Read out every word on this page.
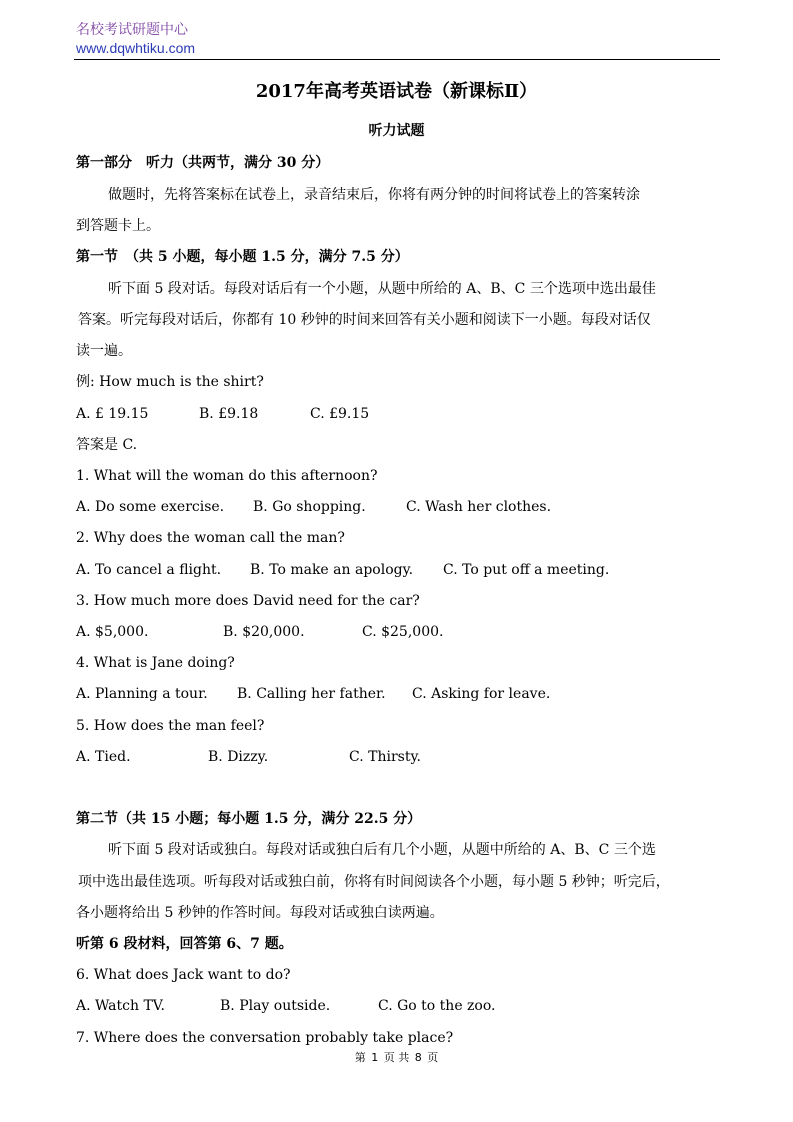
名校考试研题中心
www.dqwhtiku.com
2017年高考英语试卷（新课标Ⅱ）
听力试题
第一部分　听力（共两节，满分 30 分）
做题时，先将答案标在试卷上，录音结束后，你将有两分钟的时间将试卷上的答案转涂
到答题卡上。
第一节　（共 5 小题，每小题 1.5 分，满分 7.5 分）
听下面 5 段对话。每段对话后有一个小题，从题中所给的 A、B、C 三个选项中选出最佳
答案。听完每段对话后，你都有 10 秒钟的时间来回答有关小题和阅读下一小题。每段对话仅
读一遍。
例: How much is the shirt?
A. £ 19.15	B. £9.18	C. £9.15
答案是 C.
1. What will the woman do this afternoon?
A. Do some exercise. B. Go shopping.	C. Wash her clothes.
2. Why does the woman call the man?
A. To cancel a flight. B. To make an apology. C. To put off a meeting.
3. How much more does David need for the car?
A. $5,000.	B. $20,000.	C. $25,000.
4. What is Jane doing?
A. Planning a tour. B. Calling her father. C. Asking for leave.
5. How does the man feel?
A. Tied.	B. Dizzy.	C. Thirsty.
第二节（共 15 小题；每小题 1.5 分，满分 22.5 分）
听下面 5 段对话或独白。每段对话或独白后有几个小题，从题中所给的 A、B、C 三个选
项中选出最佳选项。听每段对话或独白前，你将有时间阅读各个小题，每小题 5 秒钟；听完后，
各小题将给出 5 秒钟的作答时间。每段对话或独白读两遍。
听第 6 段材料，回答第 6、7 题。
6. What does Jack want to do?
A. Watch TV.	B. Play outside.	C. Go to the zoo.
7. Where does the conversation probably take place?
第 1 页 共 8 页
